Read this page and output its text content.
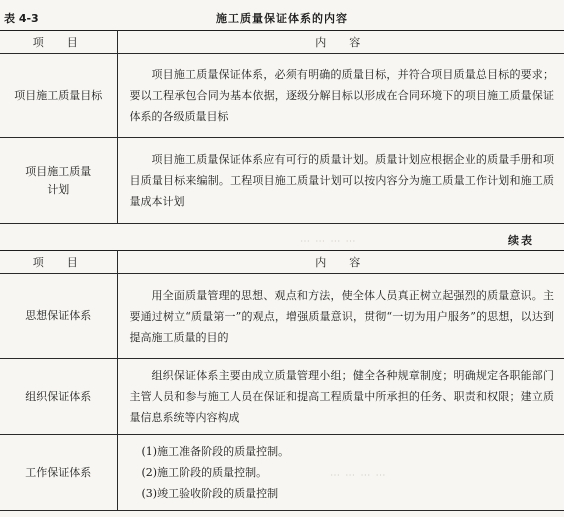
表 4-3	施工质量保证体系的内容
⋯ ⋯ ⋯ ⋯
⋯ ⋯ ⋯ ⋯
项　目	内　容

项目施工质量目标	项目施工质量保证体系，必须有明确的质量目标，并符合项目质量总目标的要求；要以工程承包合同为基本依据，逐级分解目标以形成在合同环境下的项目施工质量保证体系的各级质量目标

项目施工质量计划	项目施工质量保证体系应有可行的质量计划。质量计划应根据企业的质量手册和项目质量目标来编制。工程项目施工质量计划可以按内容分为施工质量工作计划和施工质量成本计划
续表
项　目	内　容

思想保证体系	用全面质量管理的思想、观点和方法，使全体人员真正树立起强烈的质量意识。主要通过树立“质量第一”的观点，增强质量意识，贯彻“一切为用户服务”的思想，以达到提高施工质量的目的

组织保证体系	组织保证体系主要由成立质量管理小组；健全各种规章制度；明确规定各职能部门主管人员和参与施工人员在保证和提高工程质量中所承担的任务、职责和权限；建立质量信息系统等内容构成

工作保证体系	(1)施工准备阶段的质量控制。
(2)施工阶段的质量控制。
(3)竣工验收阶段的质量控制
